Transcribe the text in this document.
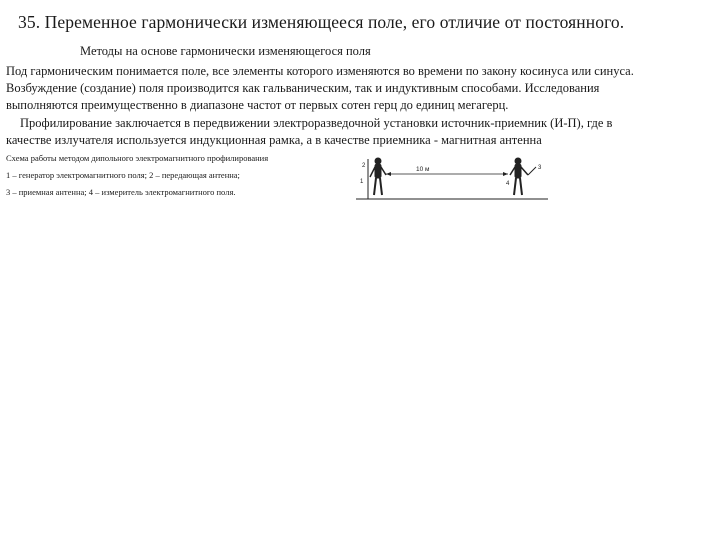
35. Переменное гармонически изменяющееся поле, его отличие от постоянного.
Методы на основе гармонически изменяющегося поля
Под гармоническим понимается поле, все элементы которого изменяются во времени по закону косинуса или синуса.
Возбуждение (создание) поля производится как гальваническим, так и индуктивным способами. Исследования
выполняются преимущественно в диапазоне частот от первых сотен герц до единиц мегагерц.
Профилирование заключается в передвижении электроразведочной установки источник-приемник (И-П), где в
качестве излучателя используется индукционная рамка, а в качестве приемника - магнитная антенна
Схема работы методом дипольного электромагнитного профилирования
1 – генератор электромагнитного поля; 2 – передающая антенна;
3 – приемная антенна; 4 – измеритель электромагнитного поля.
10 м
1
2	3
4
